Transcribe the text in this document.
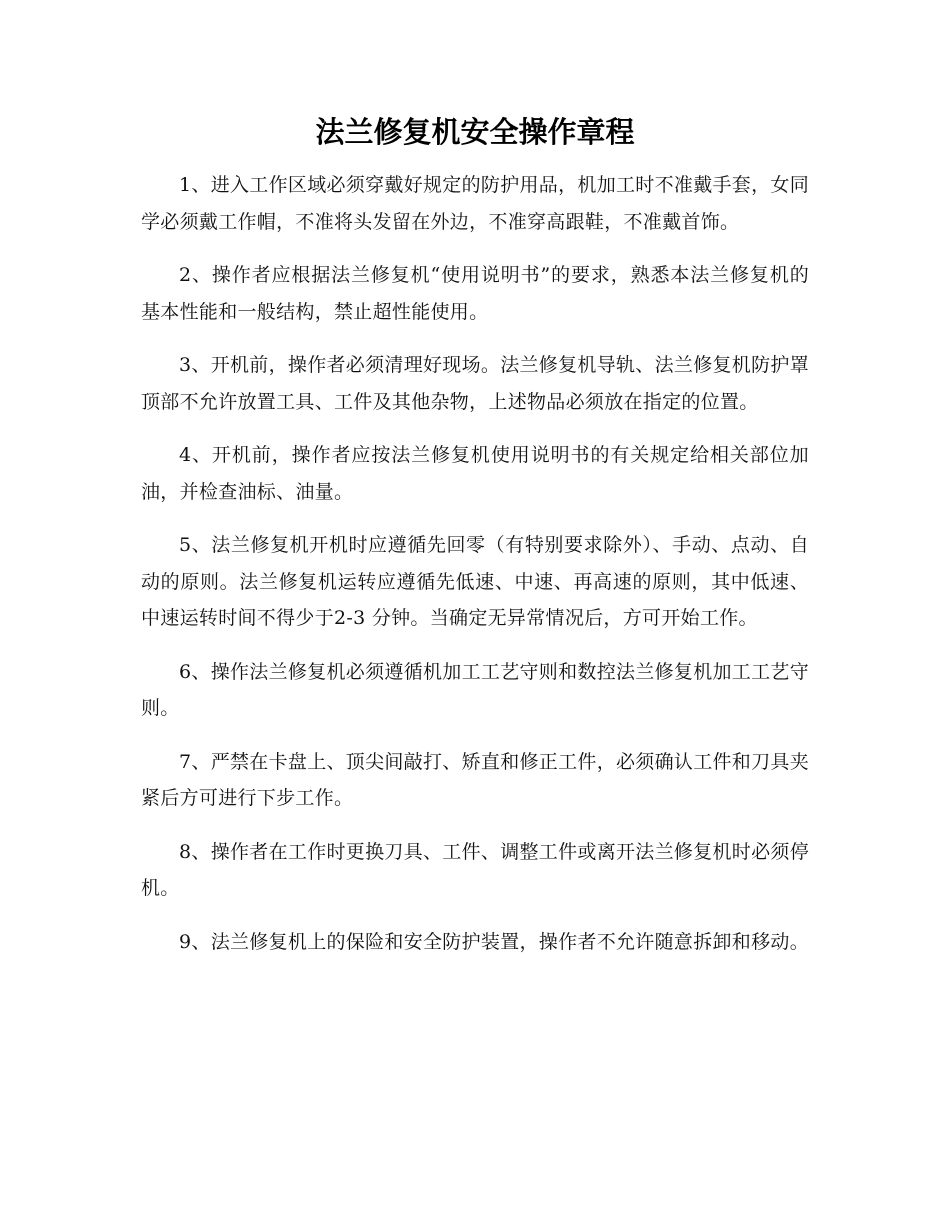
法兰修复机安全操作章程

1、进入工作区域必须穿戴好规定的防护用品，机加工时不准戴手套，女同学必须戴工作帽，不准将头发留在外边，不准穿高跟鞋，不准戴首饰。

2、操作者应根据法兰修复机“使用说明书”的要求，熟悉本法兰修复机的基本性能和一般结构，禁止超性能使用。

3、开机前，操作者必须清理好现场。法兰修复机导轨、法兰修复机防护罩顶部不允许放置工具、工件及其他杂物，上述物品必须放在指定的位置。

4、开机前，操作者应按法兰修复机使用说明书的有关规定给相关部位加油，并检查油标、油量。

5、法兰修复机开机时应遵循先回零（有特别要求除外）、手动、点动、自动的原则。法兰修复机运转应遵循先低速、中速、再高速的原则，其中低速、中速运转时间不得少于2-3 分钟。当确定无异常情况后，方可开始工作。

6、操作法兰修复机必须遵循机加工工艺守则和数控法兰修复机加工工艺守则。

7、严禁在卡盘上、顶尖间敲打、矫直和修正工件，必须确认工件和刀具夹紧后方可进行下步工作。

8、操作者在工作时更换刀具、工件、调整工件或离开法兰修复机时必须停机。

9、法兰修复机上的保险和安全防护装置，操作者不允许随意拆卸和移动。
